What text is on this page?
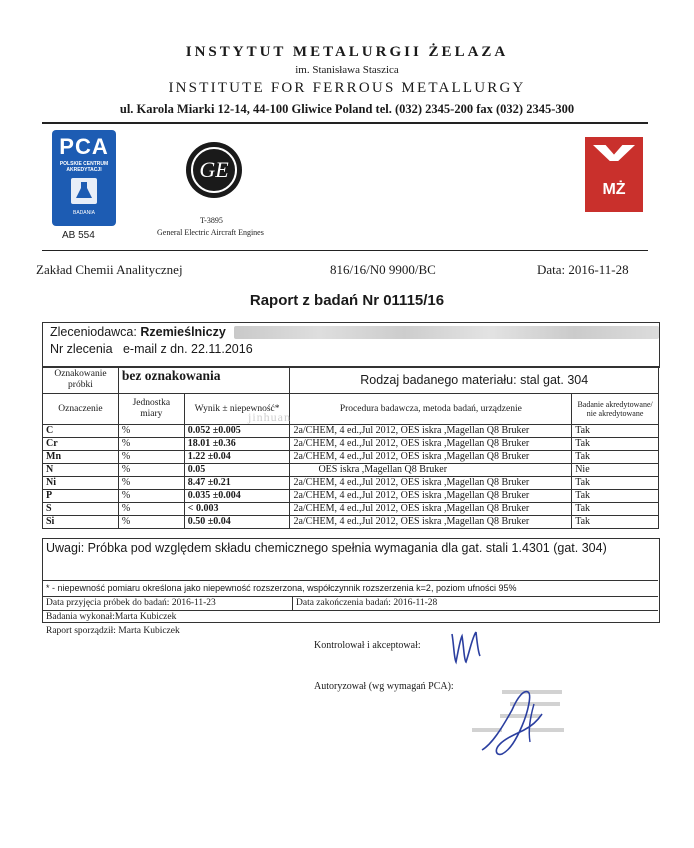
INSTYTUT METALURGII ŻELAZA
im. Stanisława Staszica
INSTITUTE FOR FERROUS METALLURGY
ul. Karola Miarki 12-14, 44-100 Gliwice Poland tel. (032) 2345-200 fax (032) 2345-300
PCA
POLSKIE CENTRUM AKREDYTACJI
BADANIA
AB 554
GE
T-3895
General Electric Aircraft Engines
MŻ
Zakład Chemii Analitycznej	816/16/N0 9900/BC	Data: 2016-11-28
Raport z badań Nr 01115/16
Zleceniodawca: Rzemieślniczy
Nr zlecenia e-mail z dn. 22.11.2016
Oznakowanie próbki	bez oznakowania		Rodzaj badanego materiału: stal gat. 304	
Oznaczenie	Jednostka miary	Wynik ± niepewność*	Procedura badawcza, metoda badań, urządzenie	Badanie akredytowane/ nie akredytowane
C	%	0.052 ±0.005	2a/CHEM, 4 ed.,Jul 2012, OES iskra ,Magellan Q8 Bruker	Tak
Cr	%	18.01 ±0.36	2a/CHEM, 4 ed.,Jul 2012, OES iskra ,Magellan Q8 Bruker	Tak
Mn	%	1.22 ±0.04	2a/CHEM, 4 ed.,Jul 2012, OES iskra ,Magellan Q8 Bruker	Tak
N	%	0.05	OES iskra ,Magellan Q8 Bruker	Nie
Ni	%	8.47 ±0.21	2a/CHEM, 4 ed.,Jul 2012, OES iskra ,Magellan Q8 Bruker	Tak
P	%	0.035 ±0.004	2a/CHEM, 4 ed.,Jul 2012, OES iskra ,Magellan Q8 Bruker	Tak
S	%	< 0.003	2a/CHEM, 4 ed.,Jul 2012, OES iskra ,Magellan Q8 Bruker	Tak
Si	%	0.50 ±0.04	2a/CHEM, 4 ed.,Jul 2012, OES iskra ,Magellan Q8 Bruker	Tak
jinhuan
Uwagi: Próbka pod względem składu chemicznego spełnia wymagania dla gat. stali 1.4301 (gat. 304)
* - niepewność pomiaru określona jako niepewność rozszerzona, współczynnik rozszerzenia k=2, poziom ufności 95%
Data przyjęcia próbek do badań: 2016-11-23	Data zakończenia badań: 2016-11-28
Badania wykonał:Marta Kubiczek
Raport sporządził: Marta Kubiczek
Kontrolował i akceptował:
Autoryzował (wg wymagań PCA):
